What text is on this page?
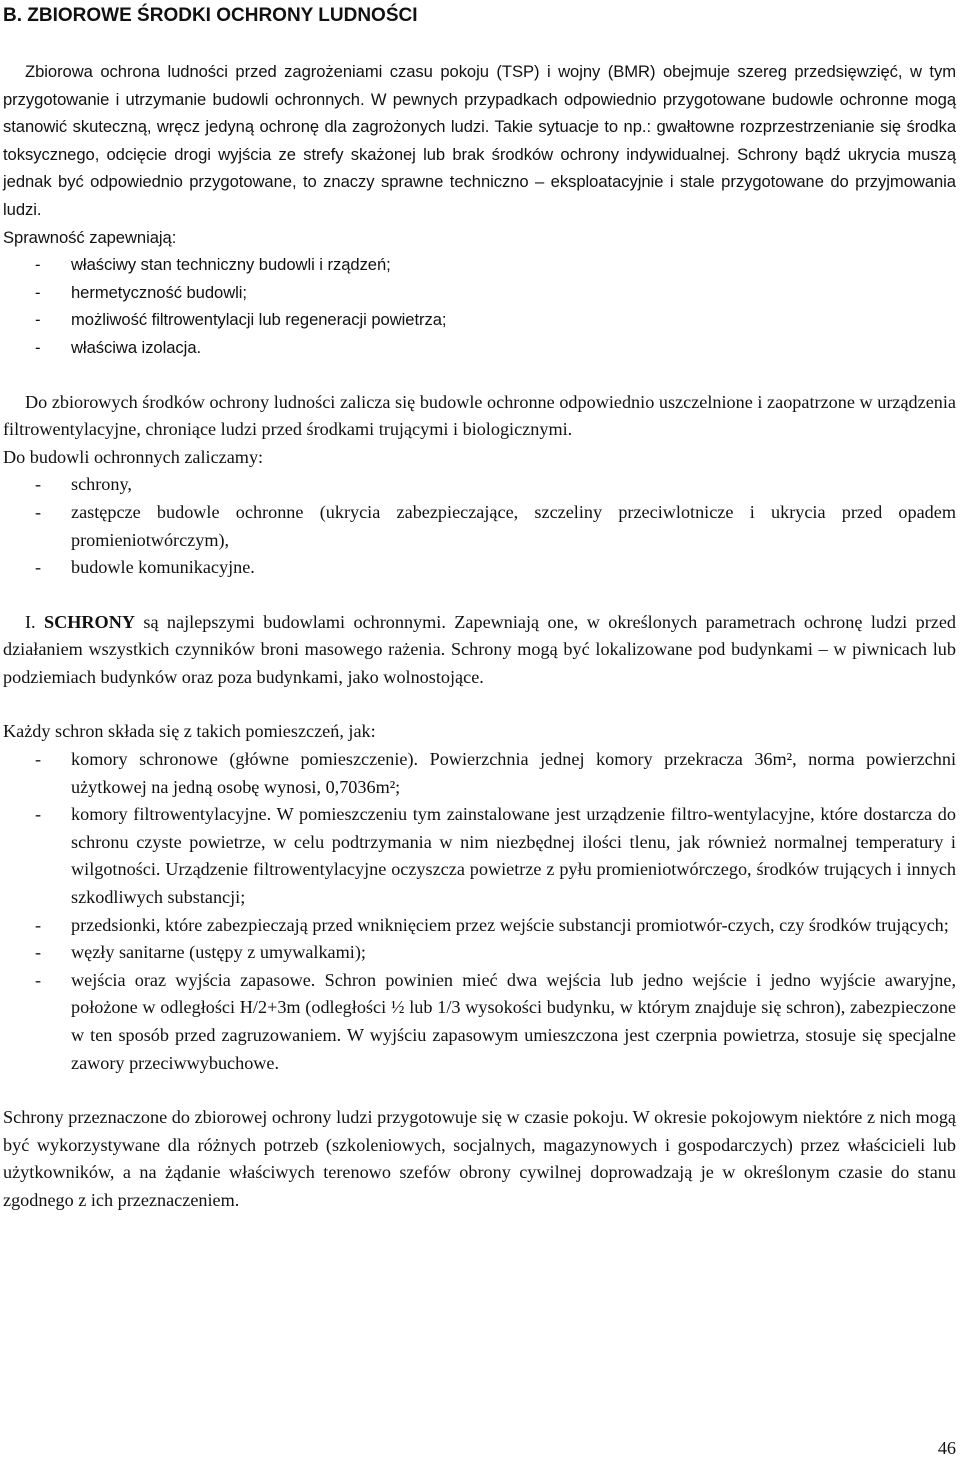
B. ZBIOROWE ŚRODKI OCHRONY LUDNOŚCI

Zbiorowa ochrona ludności przed zagrożeniami czasu pokoju (TSP) i wojny (BMR) obejmuje szereg przedsięwzięć, w tym przygotowanie i utrzymanie budowli ochronnych. W pewnych przypadkach odpowiednio przygotowane budowle ochronne mogą stanowić skuteczną, wręcz jedyną ochronę dla zagrożonych ludzi. Takie sytuacje to np.: gwałtowne rozprzestrzenianie się środka toksycznego, odcięcie drogi wyjścia ze strefy skażonej lub brak środków ochrony indywidualnej. Schrony bądź ukrycia muszą jednak być odpowiednio przygotowane, to znaczy sprawne techniczno – eksploatacyjnie i stale przygotowane do przyjmowania ludzi.

Sprawność zapewniają:

- właściwy stan techniczny budowli i rządzeń;
- hermetyczność budowli;
- możliwość filtrowentylacji lub regeneracji powietrza;
- właściwa izolacja.

Do zbiorowych środków ochrony ludności zalicza się budowle ochronne odpowiednio uszczelnione i zaopatrzone w urządzenia filtrowentylacyjne, chroniące ludzi przed środkami trującymi i biologicznymi.

Do budowli ochronnych zaliczamy:

- schrony,
- zastępcze budowle ochronne (ukrycia zabezpieczające, szczeliny przeciwlotnicze i ukrycia przed opadem promieniotwórczym),
- budowle komunikacyjne.

I. SCHRONY są najlepszymi budowlami ochronnymi. Zapewniają one, w określonych parametrach ochronę ludzi przed działaniem wszystkich czynników broni masowego rażenia. Schrony mogą być lokalizowane pod budynkami – w piwnicach lub podziemiach budynków oraz poza budynkami, jako wolnostojące.

Każdy schron składa się z takich pomieszczeń, jak:

- komory schronowe (główne pomieszczenie). Powierzchnia jednej komory przekracza 36m², norma powierzchni użytkowej na jedną osobę wynosi, 0,7036m²;
- komory filtrowentylacyjne. W pomieszczeniu tym zainstalowane jest urządzenie filtro-wentylacyjne, które dostarcza do schronu czyste powietrze, w celu podtrzymania w nim niezbędnej ilości tlenu, jak również normalnej temperatury i wilgotności. Urządzenie filtrowentylacyjne oczyszcza powietrze z pyłu promieniotwórczego, środków trujących i innych szkodliwych substancji;
- przedsionki, które zabezpieczają przed wniknięciem przez wejście substancji promiotwór-czych, czy środków trujących;
- węzły sanitarne (ustępy z umywalkami);
- wejścia oraz wyjścia zapasowe. Schron powinien mieć dwa wejścia lub jedno wejście i jedno wyjście awaryjne, położone w odległości H/2+3m (odległości ½ lub 1/3 wysokości budynku, w którym znajduje się schron), zabezpieczone w ten sposób przed zagruzowaniem. W wyjściu zapasowym umieszczona jest czerpnia powietrza, stosuje się specjalne zawory przeciwwybuchowe.

Schrony przeznaczone do zbiorowej ochrony ludzi przygotowuje się w czasie pokoju. W okresie pokojowym niektóre z nich mogą być wykorzystywane dla różnych potrzeb (szkoleniowych, socjalnych, magazynowych i gospodarczych) przez właścicieli lub użytkowników, a na żądanie właściwych terenowo szefów obrony cywilnej doprowadzają je w określonym czasie do stanu zgodnego z ich przeznaczeniem.

46
